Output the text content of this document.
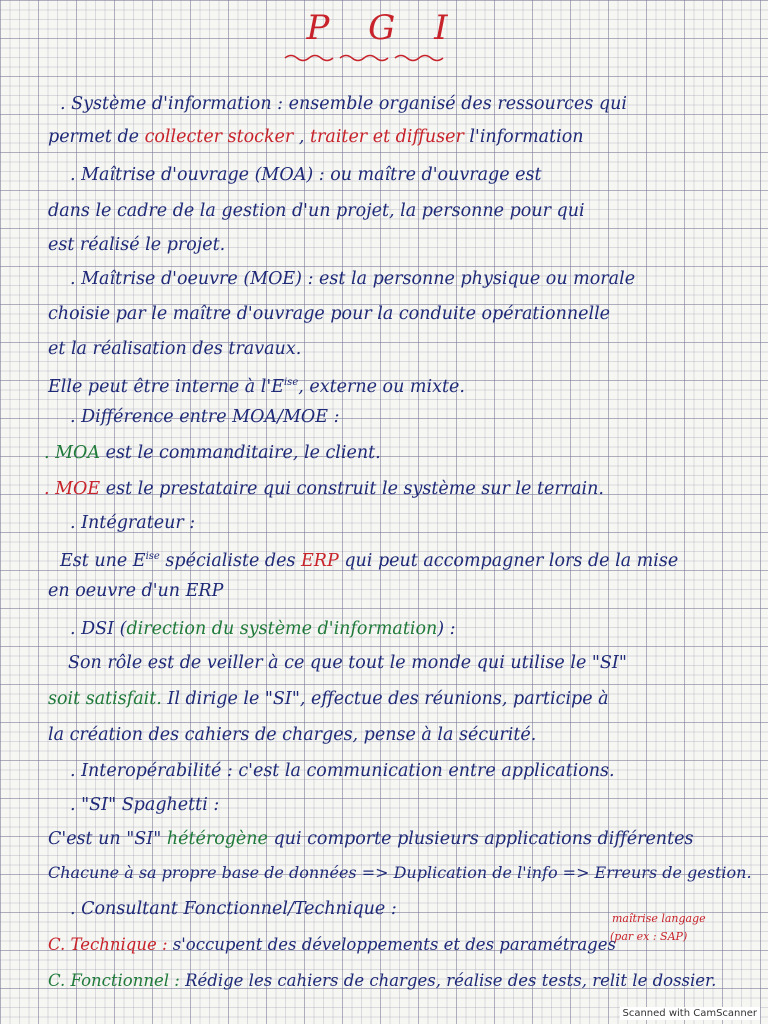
P G I
. Système d'information : ensemble organisé des ressources qui
permet de collecter stocker , traiter et diffuser l'information
. Maîtrise d'ouvrage (MOA) : ou maître d'ouvrage est
dans le cadre de la gestion d'un projet, la personne pour qui
est réalisé le projet.
. Maîtrise d'oeuvre (MOE) : est la personne physique ou morale
choisie par le maître d'ouvrage pour la conduite opérationnelle
et la réalisation des travaux.
Elle peut être interne à $l'E^{ise}$, externe ou mixte.
. Différence entre MOA/MOE :
. MOA est le commanditaire, le client.
. MOE est le prestataire qui construit le système sur le terrain.
. Intégrateur :
Est une $E^{ise}$ spécialiste des ERP qui peut accompagner lors de la mise
en oeuvre d'un ERP
. DSI (direction du système d'information) :
Son rôle est de veiller à ce que tout le monde qui utilise le "SI"
soit satisfait. Il dirige le "SI", effectue des réunions, participe à
la création des cahiers de charges, pense à la sécurité.
. Interopérabilité : c'est la communication entre applications.
. "SI" Spaghetti :
C'est un "SI" hétérogène qui comporte plusieurs applications différentes
Chacune à sa propre base de données => Duplication de l'info => Erreurs de gestion.
. Consultant Fonctionnel/Technique :
C. Technique : s'occupent des développements et des paramétrages
C. Fonctionnel : Rédige les cahiers de charges, réalise des tests, relit le dossier.
maîtrise langage
(par ex : SAP)
Scanned with CamScanner
